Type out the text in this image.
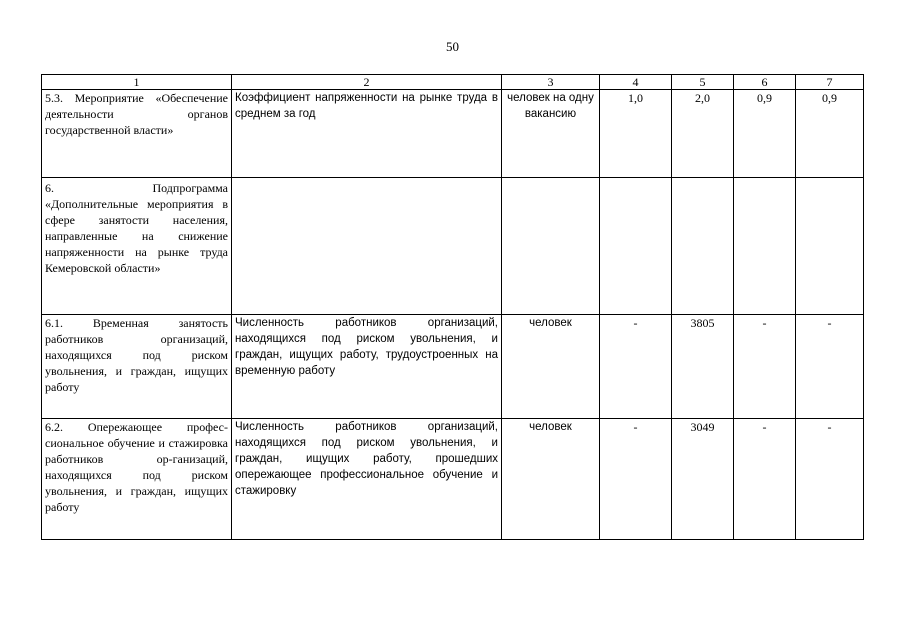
50
1	2	3	4	5	6	7
5.3. Мероприятие «Обеспечение деятельности органов государственной власти»	Коэффициент напряженности на рынке труда в среднем за год	человек на одну вакансию	1,0	2,0	0,9	0,9
6. Подпрограмма «Дополнительные мероприятия в сфере занятости населения, направленные на снижение напряженности на рынке труда Кемеровской области»						
6.1. Временная занятость работников организаций, находящихся под риском увольнения, и граждан, ищущих работу	Численность работников организаций, находящихся под риском увольнения, и граждан, ищущих работу, трудоустроенных на временную работу	человек	-	3805	-	-
6.2. Опережающее профес-сиональное обучение и стажировка работников ор-ганизаций, находящихся под риском увольнения, и граждан, ищущих работу	Численность работников организаций, находящихся под риском увольнения, и граждан, ищущих работу, прошедших опережающее профессиональное обучение и стажировку	человек	-	3049	-	-
